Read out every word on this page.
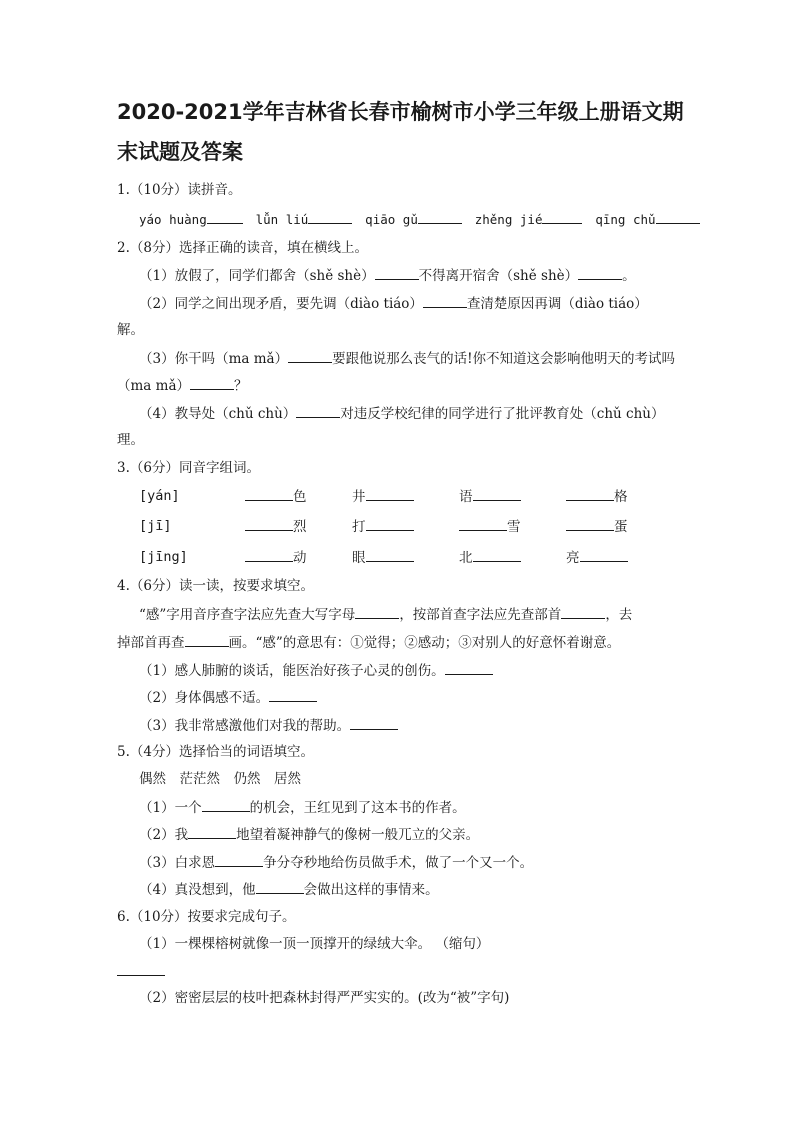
2020-2021学年吉林省长春市榆树市小学三年级上册语文期
末试题及答案
1.（10分）读拼音。
yáo huàng	lǚn liú	qiāo gǔ	zhěng jié	qīng chǔ
2.（8分）选择正确的读音，填在横线上。
（1）放假了，同学们都舍（shě shè）	不得离开宿舍（shě shè）	。
（2）同学之间出现矛盾，要先调（diào tiáo）	查清楚原因再调（diào tiáo）
解。
（3）你干吗（ma mǎ）	要跟他说那么丧气的话!你不知道这会影响他明天的考试吗
（ma mǎ）	？
（4）教导处（chǔ chù）	对违反学校纪律的同学进行了批评教育处（chǔ chù）
理。
3.（6分）同音字组词。
[yán]	色	井	语	格
[jī]	烈	打	雪	蛋
[jīng]	动	眼	北	亮
4.（6分）读一读，按要求填空。
“感”字用音序查字法应先查大写字母	，按部首查字法应先查部首	，去
掉部首再查	画。“感”的意思有：①觉得；②感动；③对别人的好意怀着谢意。
（1）感人肺腑的谈话，能医治好孩子心灵的创伤。
（2）身体偶感不适。
（3）我非常感激他们对我的帮助。
5.（4分）选择恰当的词语填空。
偶然　茫茫然　仍然　居然
（1）一个	的机会，王红见到了这本书的作者。
（2）我	地望着凝神静气的像树一般兀立的父亲。
（3）白求恩	争分夺秒地给伤员做手术，做了一个又一个。
（4）真没想到，他	会做出这样的事情来。
6.（10分）按要求完成句子。
（1）一棵棵榕树就像一顶一顶撑开的绿绒大伞。 （缩句）
（2）密密层层的枝叶把森林封得严严实实的。(改为“被”字句)
